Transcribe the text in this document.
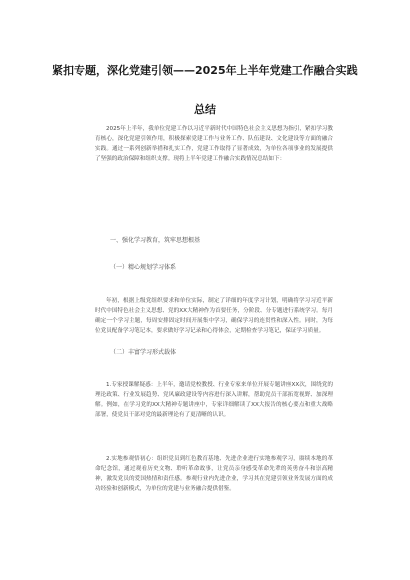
紧扣专题，深化党建引领——2025年上半年党建工作融合实践
总结

2025年上半年，我单位党建工作以习近平新时代中国特色社会主义思想为指引，紧扣学习教育核心，深化党建引领作用，积极探索党建工作与业务工作、队伍建设、文化建设等方面的融合实践。通过一系列创新举措和扎实工作，党建工作取得了显著成效，为单位各项事业的发展提供了坚强的政治保障和组织支撑。现将上半年党建工作融合实践情况总结如下：

一、强化学习教育，筑牢思想根基
（一）精心规划学习体系

年初，根据上级党组织要求和单位实际，制定了详细的年度学习计划，明确将学习习近平新时代中国特色社会主义思想、党的XX大精神作为首要任务，分阶段、分专题进行系统学习。每月确定一个学习主题，每周安排固定时间开展集中学习，确保学习的连贯性和深入性。同时，为每位党员配备学习笔记本，要求做好学习记录和心得体会，定期检查学习笔记，保证学习质量。

（二）丰富学习形式载体

1.专家授课解疑惑：上半年，邀请党校教授、行业专家来单位开展专题讲座XX次，围绕党的理论政策、行业发展趋势、党风廉政建设等内容进行深入讲解，帮助党员干部拓宽视野、加深理解。例如，在学习党的XX大精神专题讲座中，专家详细解读了XX大报告的核心要点和重大战略部署，使党员干部对党的最新理论有了更清晰的认识。

2.实地参观悟初心：组织党员到红色教育基地、先进企业进行实地参观学习，赓续本地的革命纪念馆，通过观看历史文物、聆听革命故事，让党员亲身感受革命先辈的英勇奋斗和崇高精神，激发党员的爱国热情和责任感。参观行业内先进企业，学习其在党建引领业务发展方面的成功经验和创新模式，为单位的党建与业务融合提供借鉴。
